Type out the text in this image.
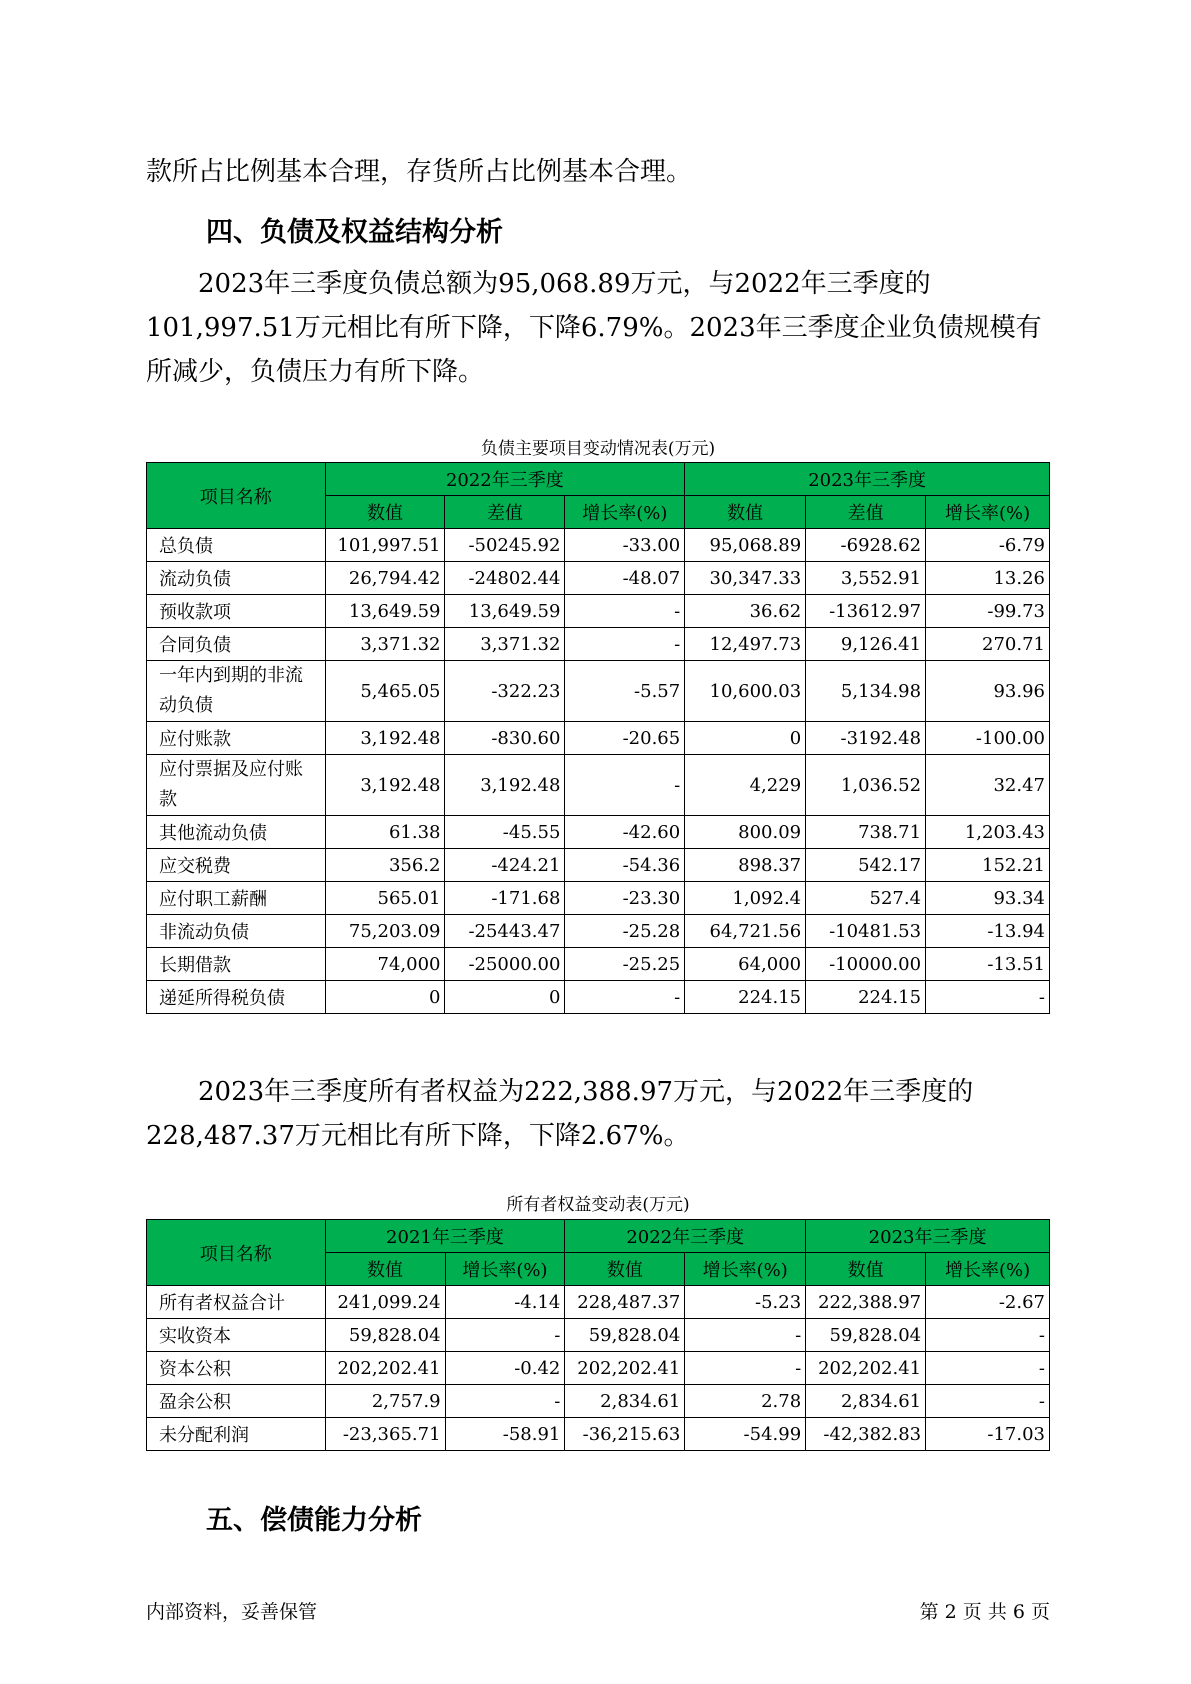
款所占比例基本合理，存货所占比例基本合理。
四、负债及权益结构分析
2023年三季度负债总额为95,068.89万元，与2022年三季度的101,997.51万元相比有所下降，下降6.79%。2023年三季度企业负债规模有所减少，负债压力有所下降。
负债主要项目变动情况表(万元)
项目名称	2022年三季度			2023年三季度		
	数值	差值	增长率(%)	数值	差值	增长率(%)
总负债	101,997.51	-50245.92	-33.00	95,068.89	-6928.62	-6.79
流动负债	26,794.42	-24802.44	-48.07	30,347.33	3,552.91	13.26
预收款项	13,649.59	13,649.59	-	36.62	-13612.97	-99.73
合同负债	3,371.32	3,371.32	-	12,497.73	9,126.41	270.71
一年内到期的非流动负债	5,465.05	-322.23	-5.57	10,600.03	5,134.98	93.96
应付账款	3,192.48	-830.60	-20.65	0	-3192.48	-100.00
应付票据及应付账款	3,192.48	3,192.48	-	4,229	1,036.52	32.47
其他流动负债	61.38	-45.55	-42.60	800.09	738.71	1,203.43
应交税费	356.2	-424.21	-54.36	898.37	542.17	152.21
应付职工薪酬	565.01	-171.68	-23.30	1,092.4	527.4	93.34
非流动负债	75,203.09	-25443.47	-25.28	64,721.56	-10481.53	-13.94
长期借款	74,000	-25000.00	-25.25	64,000	-10000.00	-13.51
递延所得税负债	0	0	-	224.15	224.15	-
2023年三季度所有者权益为222,388.97万元，与2022年三季度的228,487.37万元相比有所下降，下降2.67%。
所有者权益变动表(万元)
项目名称	2021年三季度		2022年三季度		2023年三季度	
	数值	增长率(%)	数值	增长率(%)	数值	增长率(%)
所有者权益合计	241,099.24	-4.14	228,487.37	-5.23	222,388.97	-2.67
实收资本	59,828.04	-	59,828.04	-	59,828.04	-
资本公积	202,202.41	-0.42	202,202.41	-	202,202.41	-
盈余公积	2,757.9	-	2,834.61	2.78	2,834.61	-
未分配利润	-23,365.71	-58.91	-36,215.63	-54.99	-42,382.83	-17.03
五、偿债能力分析
内部资料，妥善保管	第 2 页 共 6 页
